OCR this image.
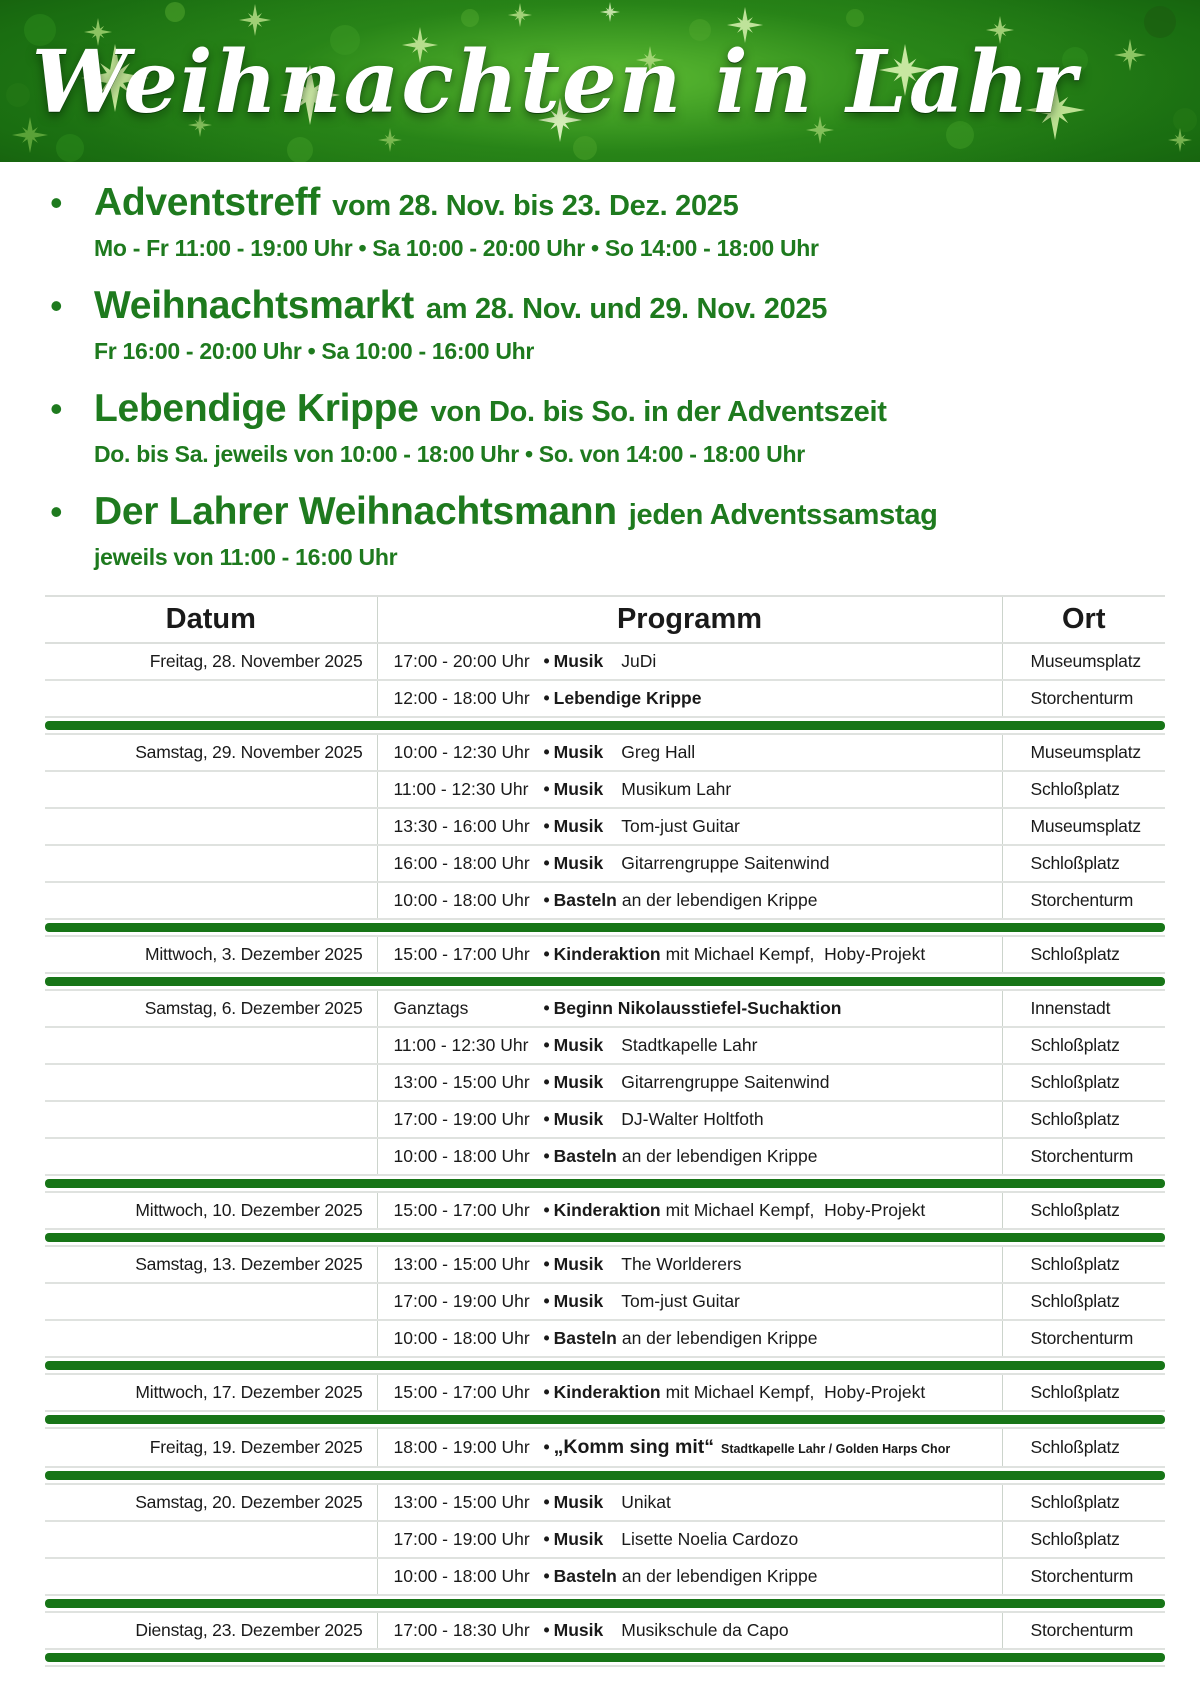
Weihnachten in Lahr
• Adventstreff vom 28. Nov. bis 23. Dez. 2025
Mo - Fr 11:00 - 19:00 Uhr • Sa 10:00 - 20:00 Uhr • So 14:00 - 18:00 Uhr
• Weihnachtsmarkt am 28. Nov. und 29. Nov. 2025
Fr 16:00 - 20:00 Uhr • Sa 10:00 - 16:00 Uhr
• Lebendige Krippe von Do. bis So. in der Adventszeit
Do. bis Sa. jeweils von 10:00 - 18:00 Uhr • So. von 14:00 - 18:00 Uhr
• Der Lahrer Weihnachtsmann jeden Adventssamstag
jeweils von 11:00 - 16:00 Uhr
Datum	Programm	Ort
Freitag, 28. November 2025	17:00 - 20:00 Uhr • Musik JuDi	Museumsplatz
	12:00 - 18:00 Uhr • Lebendige Krippe	Storchenturm

Samstag, 29. November 2025	10:00 - 12:30 Uhr • Musik Greg Hall	Museumsplatz
	11:00 - 12:30 Uhr • Musik Musikum Lahr	Schloßplatz
	13:30 - 16:00 Uhr • Musik Tom-just Guitar	Museumsplatz
	16:00 - 18:00 Uhr • Musik Gitarrengruppe Saitenwind	Schloßplatz
	10:00 - 18:00 Uhr • Basteln an der lebendigen Krippe	Storchenturm

Mittwoch, 3. Dezember 2025	15:00 - 17:00 Uhr • Kinderaktion mit Michael Kempf,  Hoby-Projekt	Schloßplatz

Samstag, 6. Dezember 2025	Ganztags • Beginn Nikolausstiefel-Suchaktion	Innenstadt
	11:00 - 12:30 Uhr • Musik Stadtkapelle Lahr	Schloßplatz
	13:00 - 15:00 Uhr • Musik Gitarrengruppe Saitenwind	Schloßplatz
	17:00 - 19:00 Uhr • Musik DJ-Walter Holtfoth	Schloßplatz
	10:00 - 18:00 Uhr • Basteln an der lebendigen Krippe	Storchenturm

Mittwoch, 10. Dezember 2025	15:00 - 17:00 Uhr • Kinderaktion mit Michael Kempf,  Hoby-Projekt	Schloßplatz

Samstag, 13. Dezember 2025	13:00 - 15:00 Uhr • Musik The Worlderers	Schloßplatz
	17:00 - 19:00 Uhr • Musik Tom-just Guitar	Schloßplatz
	10:00 - 18:00 Uhr • Basteln an der lebendigen Krippe	Storchenturm

Mittwoch, 17. Dezember 2025	15:00 - 17:00 Uhr • Kinderaktion mit Michael Kempf,  Hoby-Projekt	Schloßplatz

Freitag, 19. Dezember 2025	18:00 - 19:00 Uhr • „Komm sing mit“ Stadtkapelle Lahr / Golden Harps Chor	Schloßplatz

Samstag, 20. Dezember 2025	13:00 - 15:00 Uhr • Musik Unikat	Schloßplatz
	17:00 - 19:00 Uhr • Musik Lisette Noelia Cardozo	Schloßplatz
	10:00 - 18:00 Uhr • Basteln an der lebendigen Krippe	Storchenturm

Dienstag, 23. Dezember 2025	17:00 - 18:30 Uhr • Musik Musikschule da Capo	Storchenturm
